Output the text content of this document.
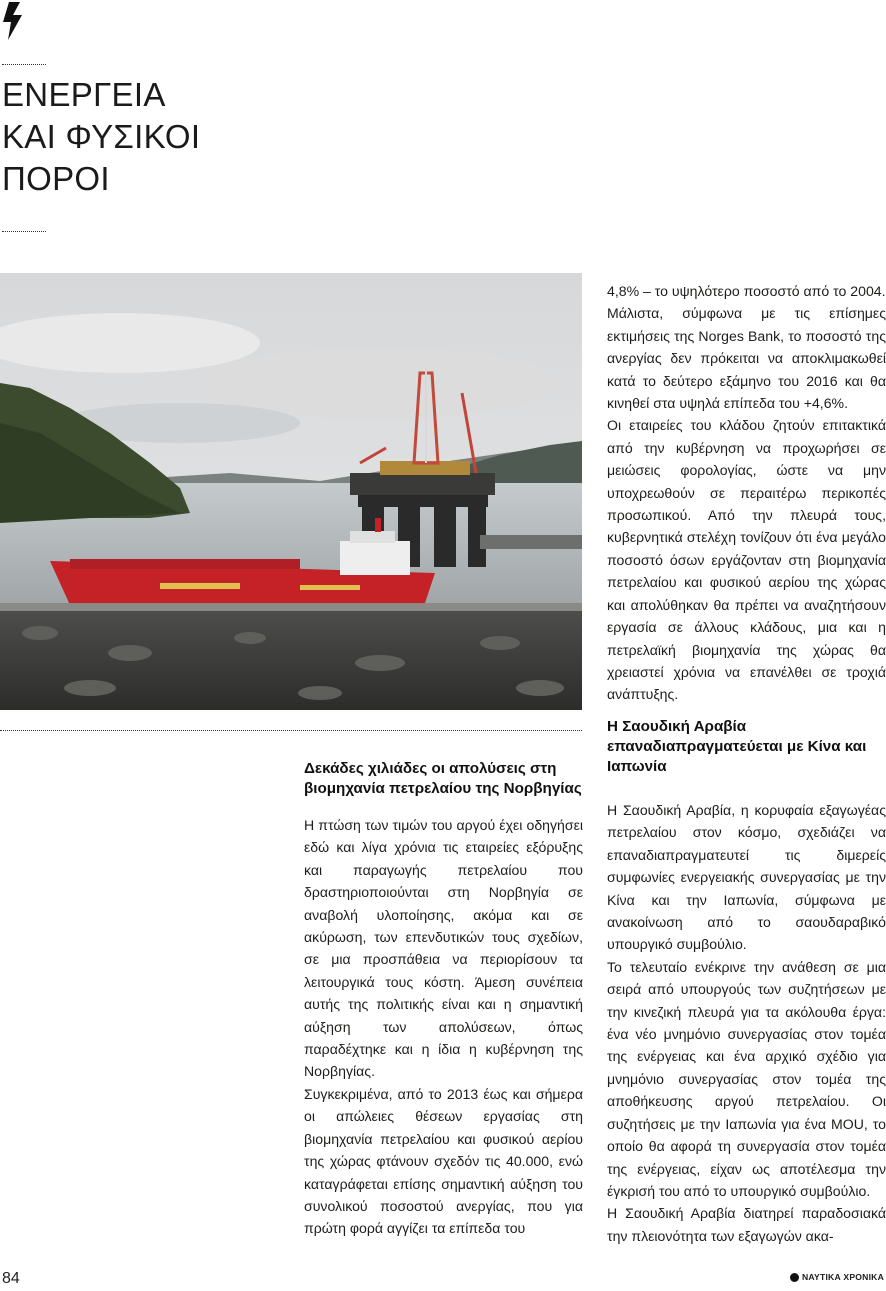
ΕΝΕΡΓΕΙΑ
ΚΑΙ ΦΥΣΙΚΟΙ
ΠΟΡΟΙ
Δεκάδες χιλιάδες οι απολύσεις στη βιομηχανία πετρελαίου της Νορβηγίας

Η πτώση των τιμών του αργού έχει οδηγήσει εδώ και λίγα χρόνια τις εταιρείες εξόρυξης και παραγωγής πετρελαίου που δραστηριοποιούνται στη Νορβηγία σε αναβολή υλοποίησης, ακόμα και σε ακύρωση, των επενδυτικών τους σχεδίων, σε μια προσπάθεια να περιορίσουν τα λειτουργικά τους κόστη. Άμεση συνέπεια αυτής της πολιτικής είναι και η σημαντική αύξηση των απολύσεων, όπως παραδέχτηκε και η ίδια η κυβέρνηση της Νορβηγίας.

Συγκεκριμένα, από το 2013 έως και σήμερα οι απώλειες θέσεων εργασίας στη βιομηχανία πετρελαίου και φυσικού αερίου της χώρας φτάνουν σχεδόν τις 40.000, ενώ καταγράφεται επίσης σημαντική αύξηση του συνολικού ποσοστού ανεργίας, που για πρώτη φορά αγγίζει τα επίπεδα του

4,8% – το υψηλότερο ποσοστό από το 2004.

Μάλιστα, σύμφωνα με τις επίσημες εκτιμήσεις της Norges Bank, το ποσοστό της ανεργίας δεν πρόκειται να αποκλιμακωθεί κατά το δεύτερο εξάμηνο του 2016 και θα κινηθεί στα υψηλά επίπεδα του +4,6%.

Οι εταιρείες του κλάδου ζητούν επιτακτικά από την κυβέρνηση να προχωρήσει σε μειώσεις φορολογίας, ώστε να μην υποχρεωθούν σε περαιτέρω περικοπές προσωπικού. Από την πλευρά τους, κυβερνητικά στελέχη τονίζουν ότι ένα μεγάλο ποσοστό όσων εργάζονταν στη βιομηχανία πετρελαίου και φυσικού αερίου της χώρας και απολύθηκαν θα πρέπει να αναζητήσουν εργασία σε άλλους κλάδους, μια και η πετρελαϊκή βιομηχανία της χώρας θα χρειαστεί χρόνια να επανέλθει σε τροχιά ανάπτυξης.

Η Σαουδική Αραβία επαναδιαπραγματεύεται με Κίνα και Ιαπωνία

Η Σαουδική Αραβία, η κορυφαία εξαγωγέας πετρελαίου στον κόσμο, σχεδιάζει να επαναδιαπραγματευτεί τις διμερείς συμφωνίες ενεργειακής συνεργασίας με την Κίνα και την Ιαπωνία, σύμφωνα με ανακοίνωση από το σαουδαραβικό υπουργικό συμβούλιο.

Το τελευταίο ενέκρινε την ανάθεση σε μια σειρά από υπουργούς των συζητήσεων με την κινεζική πλευρά για τα ακόλουθα έργα: ένα νέο μνημόνιο συνεργασίας στον τομέα της ενέργειας και ένα αρχικό σχέδιο για μνημόνιο συνεργασίας στον τομέα της αποθήκευσης αργού πετρελαίου. Οι συζητήσεις με την Ιαπωνία για ένα MOU, το οποίο θα αφορά τη συνεργασία στον τομέα της ενέργειας, είχαν ως αποτέλεσμα την έγκρισή του από το υπουργικό συμβούλιο.

Η Σαουδική Αραβία διατηρεί παραδοσιακά την πλειονότητα των εξαγωγών ακα-

84	ΝΑΥΤΙΚΑ ΧΡΟΝΙΚΑ
